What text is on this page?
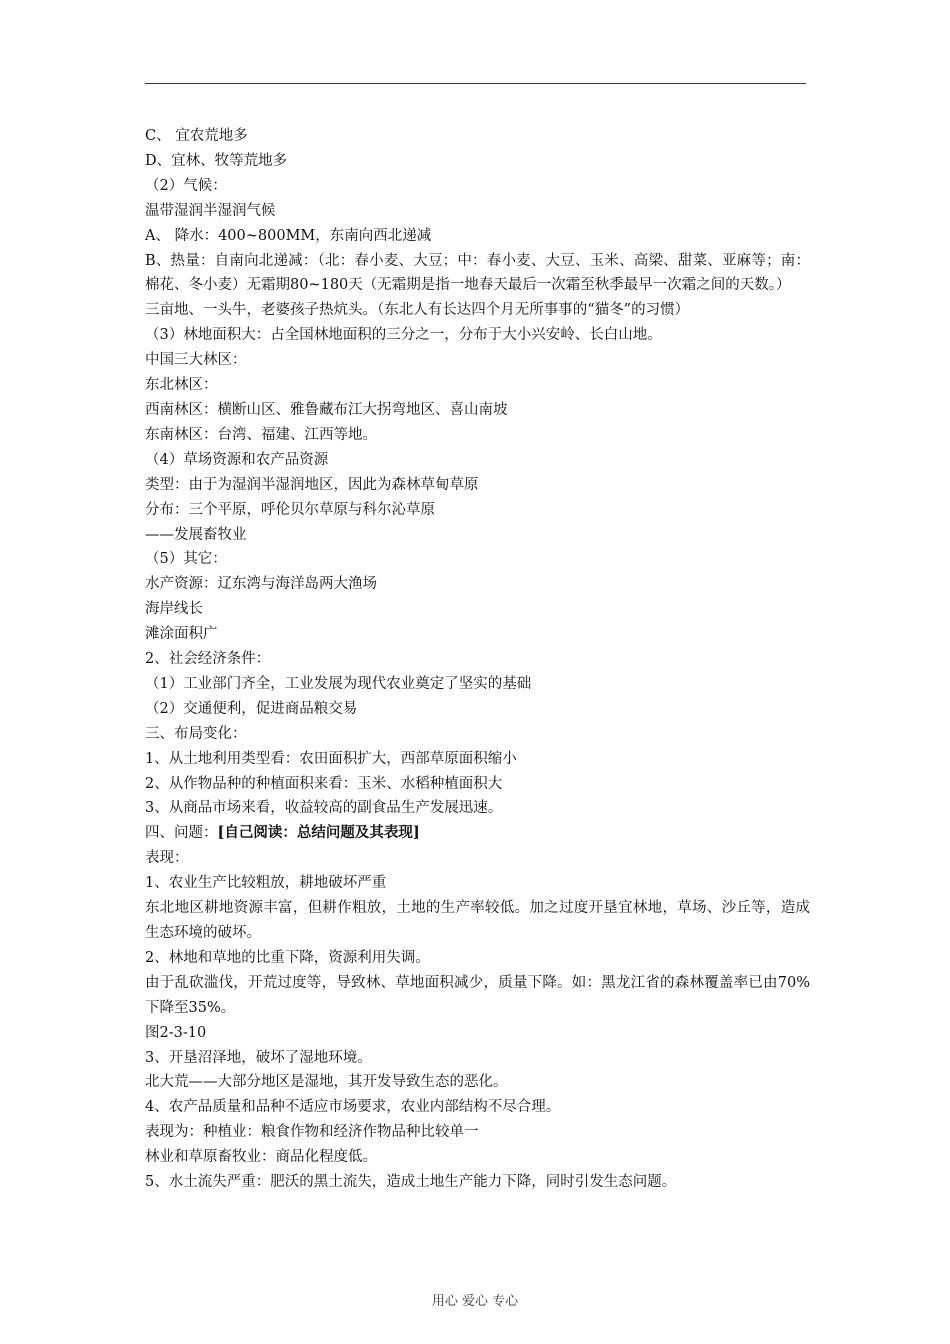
C、 宜农荒地多
D、宜林、牧等荒地多
（2）气候：
温带湿润半湿润气候
A、 降水：400~800MM，东南向西北递减
B、热量：自南向北递减：（北：春小麦、大豆；中：春小麦、大豆、玉米、高梁、甜菜、亚麻等；南：棉花、冬小麦）无霜期80~180天（无霜期是指一地春天最后一次霜至秋季最早一次霜之间的天数。）
三亩地、一头牛，老婆孩子热炕头。（东北人有长达四个月无所事事的“猫冬”的习惯）
（3）林地面积大：占全国林地面积的三分之一，分布于大小兴安岭、长白山地。
中国三大林区：
东北林区：
西南林区：横断山区、雅鲁藏布江大拐弯地区、喜山南坡
东南林区：台湾、福建、江西等地。
（4）草场资源和农产品资源
类型：由于为湿润半湿润地区，因此为森林草甸草原
分布：三个平原，呼伦贝尔草原与科尔沁草原
——发展畜牧业
（5）其它：
水产资源：辽东湾与海洋岛两大渔场
海岸线长
滩涂面积广
2、社会经济条件：
（1）工业部门齐全，工业发展为现代农业奠定了坚实的基础
（2）交通便利，促进商品粮交易
三、布局变化：
1、从土地利用类型看：农田面积扩大，西部草原面积缩小
2、从作物品种的种植面积来看：玉米、水稻种植面积大
3、从商品市场来看，收益较高的副食品生产发展迅速。
四、问题：[自己阅读：总结问题及其表现]
表现：
1、农业生产比较粗放，耕地破坏严重
东北地区耕地资源丰富，但耕作粗放，土地的生产率较低。加之过度开垦宜林地，草场、沙丘等，造成生态环境的破坏。
2、林地和草地的比重下降，资源利用失调。
由于乱砍滥伐，开荒过度等，导致林、草地面积减少，质量下降。如：黑龙江省的森林覆盖率已由70%下降至35%。
图2-3-10
3、开垦沼泽地，破坏了湿地环境。
北大荒——大部分地区是湿地，其开发导致生态的恶化。
4、农产品质量和品种不适应市场要求，农业内部结构不尽合理。
表现为：种植业：粮食作物和经济作物品种比较单一
林业和草原畜牧业：商品化程度低。
5、水土流失严重：肥沃的黑土流失，造成土地生产能力下降，同时引发生态问题。
用心 爱心 专心
